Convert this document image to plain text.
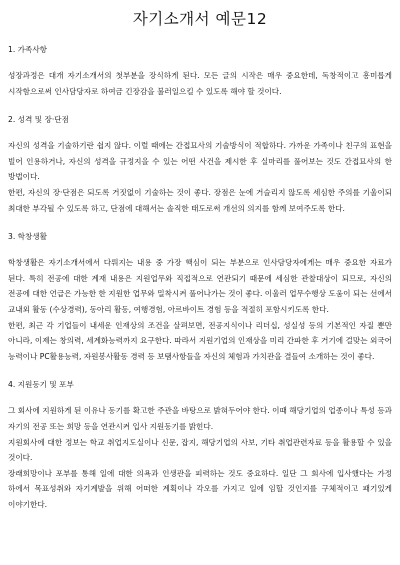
자기소개서 예문12
1. 가족사항

성장과정은 대개 자기소개서의 첫부분을 장식하게 된다. 모든 글의 시작은 매우 중요한데, 독창적이고 흥미롭게 시작함으로써 인사담당자로 하여금 긴장감을 불러일으킬 수 있도록 해야 할 것이다.

2. 성격 및 장·단점

자신의 성격을 기술하기란 쉽지 않다. 이럴 때에는 간접묘사의 기술방식이 적합하다. 가까운 가족이나 친구의 표현을 빌어 인용하거나, 자신의 성격을 규정지을 수 있는 어떤 사건을 제시한 후 실마리를 풀어보는 것도 간접묘사의 한 방법이다.

한편, 자신의 장·단점은 되도록 거짓없이 기술하는 것이 좋다. 장점은 눈에 거슬리지 않도록 세심한 주의를 기울이되 최대한 부각될 수 있도록 하고, 단점에 대해서는 솔직한 태도로써 개선의 의지를 함께 보여주도록 한다.

3. 학창생활

학창생활은 자기소개서에서 다뤄지는 내용 중 가장 핵심이 되는 부분으로 인사담당자에게는 매우 중요한 자료가 된다. 특히 전공에 대한 계재 내용은 지원업무와 직접적으로 연관되기 때문에 세심한 관찰대상이 되므로, 자신의 전공에 대한 언급은 가능한 한 지원한 업무와 밀착시켜 풀어나가는 것이 좋다. 이울러 업무수행상 도움이 되는 선에서 교내외 활동 (수상경력), 동아리 활동, 여행경험, 아르바이트 경험 등을 적절히 포함시키도록 한다.

한편, 최근 각 기업들이 내세운 인재상의 조건을 살펴보면, 전공지식이나 리더십, 성실성 등의 기본적인 자질 뿐만 아니라, 이제는 창의력, 세계화능력까지 요구한다. 따라서 지원기업의 인재상을 미리 간파한 후 거기에 걸맞는 외국어 능력이나 PC활용능력, 자원봉사활동 경력 등 보탬사항들을 자신의 체험과 가치관을 결들여 소개하는 것이 좋다.

4. 지원동기 및 포부

그 회사에 지원하게 된 이유나 동기를 확고한 주관을 바탕으로 밝혀두어야 한다. 이때 해당기업의 업종이나 특성 등과 자기의 전공 또는 희망 등을 연관시켜 입사 지원동기를 밝힌다.

지원회사에 대한 정보는 학교 취업지도실이나 신문, 잡지, 해당기업의 사보, 기타 취업관련자료 등을 활용할 수 있을 것이다.

장래희망이나 포부를 통해 일에 대한 의욕과 인생관을 피력하는 것도 중요하다. 일단 그 회사에 입사했다는 가정 하에서 목표성취와 자기계발을 위해 어떠한 계획이나 각오를 가지고 일에 임할 것인지를 구체적이고 패기있게 이야기한다.
